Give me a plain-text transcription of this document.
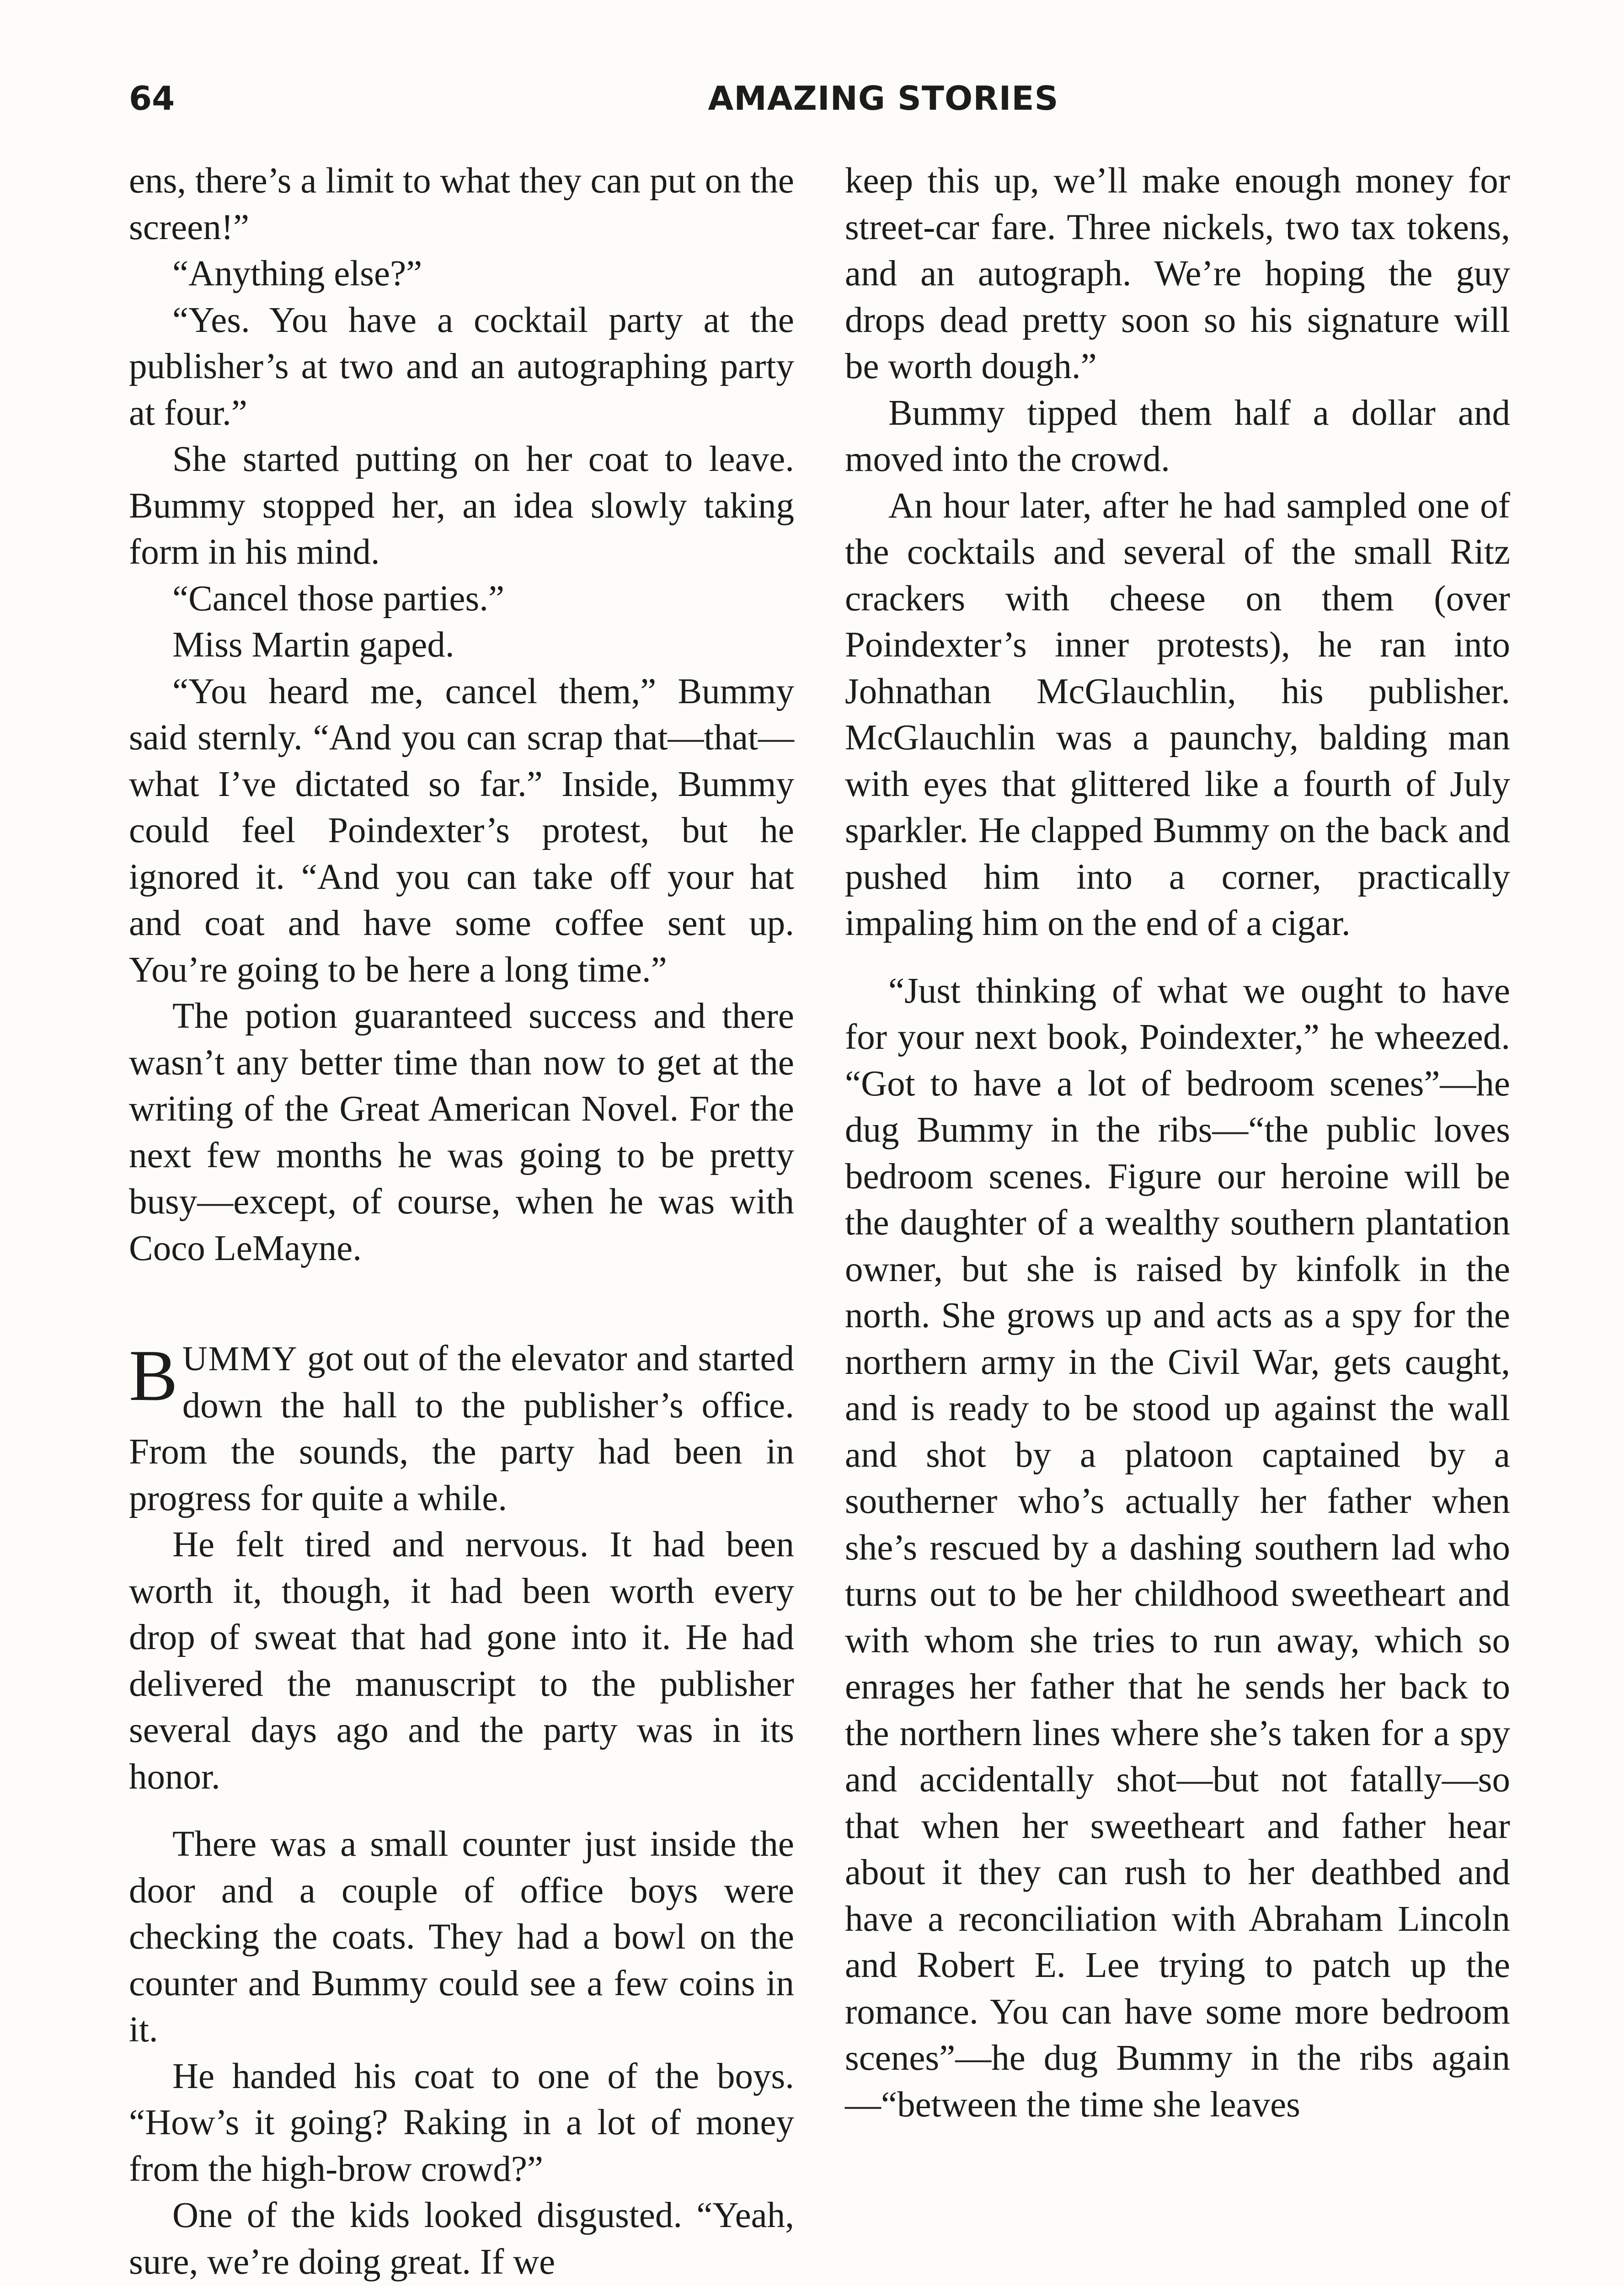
64	AMAZING STORIES

ens, there’s a limit to what they can put on the screen!”

“Anything else?”

“Yes. You have a cocktail party at the publisher’s at two and an autographing party at four.”

She started putting on her coat to leave. Bummy stopped her, an idea slowly taking form in his mind.

“Cancel those parties.”

Miss Martin gaped.

“You heard me, cancel them,” Bummy said sternly. “And you can scrap that—that—what I’ve dictated so far.” Inside, Bummy could feel Poindexter’s protest, but he ignored it. “And you can take off your hat and coat and have some coffee sent up. You’re going to be here a long time.”

The potion guaranteed success and there wasn’t any better time than now to get at the writing of the Great American Novel. For the next few months he was going to be pretty busy—except, of course, when he was with Coco LeMayne.

BUMMY got out of the elevator and started down the hall to the publisher’s office. From the sounds, the party had been in progress for quite a while.

He felt tired and nervous. It had been worth it, though, it had been worth every drop of sweat that had gone into it. He had delivered the manuscript to the publisher several days ago and the party was in its honor.

There was a small counter just inside the door and a couple of office boys were checking the coats. They had a bowl on the counter and Bummy could see a few coins in it.

He handed his coat to one of the boys. “How’s it going? Raking in a lot of money from the high-brow crowd?”

One of the kids looked disgusted. “Yeah, sure, we’re doing great. If we

keep this up, we’ll make enough money for street-car fare. Three nickels, two tax tokens, and an autograph. We’re hoping the guy drops dead pretty soon so his signature will be worth dough.”

Bummy tipped them half a dollar and moved into the crowd.

An hour later, after he had sampled one of the cocktails and several of the small Ritz crackers with cheese on them (over Poindexter’s inner protests), he ran into Johnathan McGlauchlin, his publisher. McGlauchlin was a paunchy, balding man with eyes that glittered like a fourth of July sparkler. He clapped Bummy on the back and pushed him into a corner, practically impaling him on the end of a cigar.

“Just thinking of what we ought to have for your next book, Poindexter,” he wheezed. “Got to have a lot of bedroom scenes”—he dug Bummy in the ribs—“the public loves bedroom scenes. Figure our heroine will be the daughter of a wealthy southern plantation owner, but she is raised by kinfolk in the north. She grows up and acts as a spy for the northern army in the Civil War, gets caught, and is ready to be stood up against the wall and shot by a platoon captained by a southerner who’s actually her father when she’s rescued by a dashing southern lad who turns out to be her childhood sweetheart and with whom she tries to run away, which so enrages her father that he sends her back to the northern lines where she’s taken for a spy and accidentally shot—but not fatally—so that when her sweetheart and father hear about it they can rush to her deathbed and have a reconciliation with Abraham Lincoln and Robert E. Lee trying to patch up the romance. You can have some more bedroom scenes”—he dug Bummy in the ribs again—“between the time she leaves
